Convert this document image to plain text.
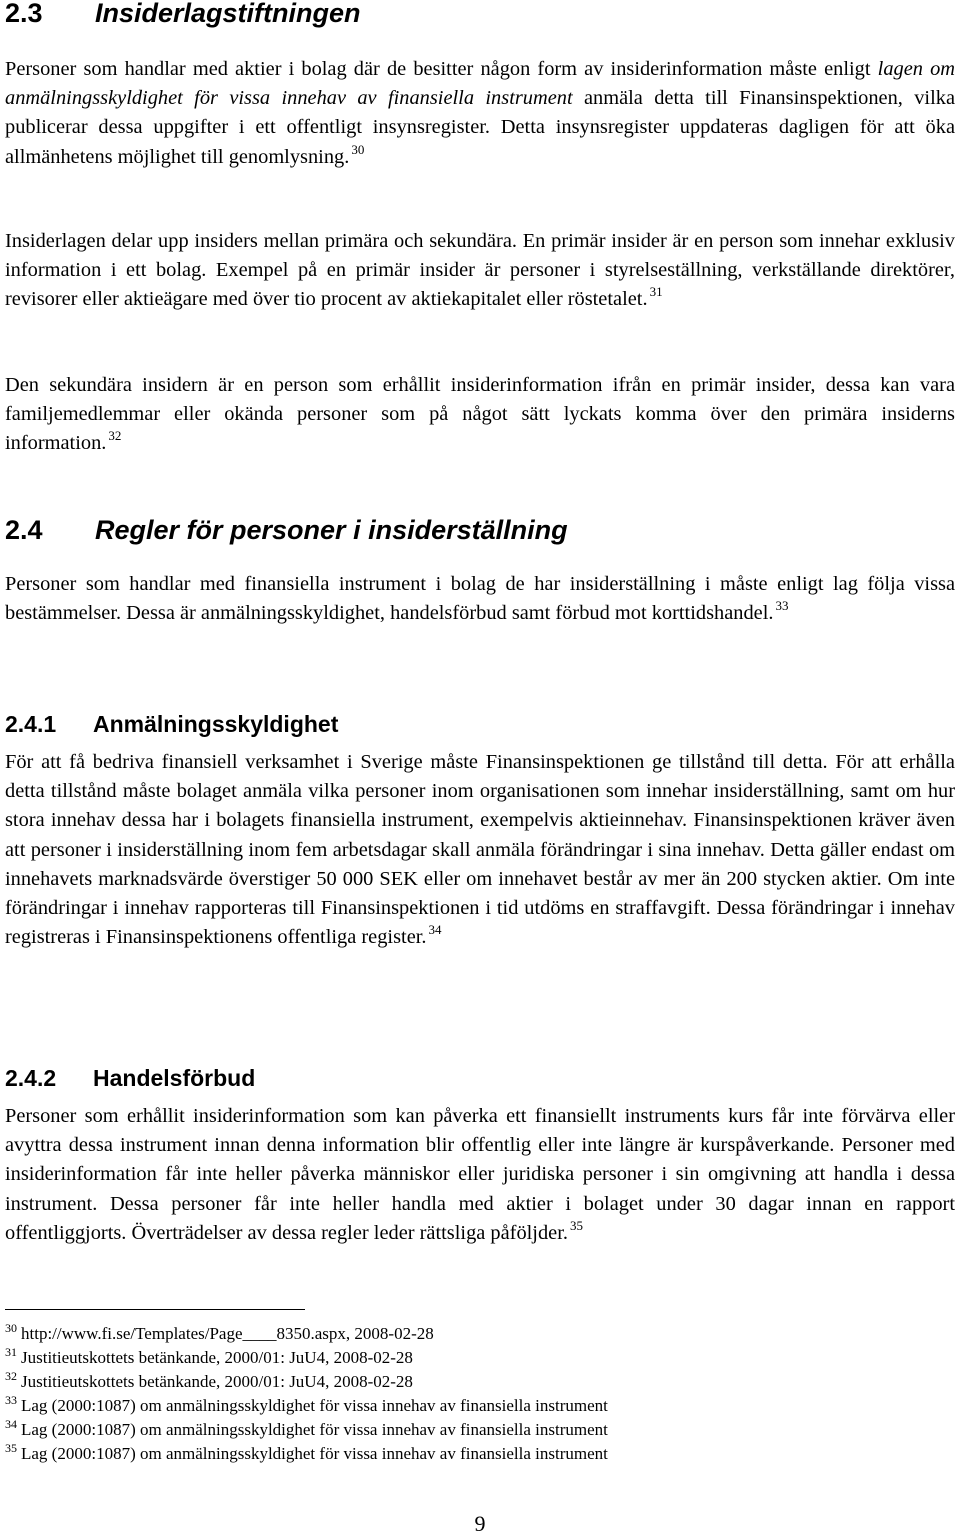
2.3 Insiderlagstiftningen

Personer som handlar med aktier i bolag där de besitter någon form av insiderinformation måste enligt lagen om anmälningsskyldighet för vissa innehav av finansiella instrument anmäla detta till Finansinspektionen, vilka publicerar dessa uppgifter i ett offentligt insynsregister. Detta insynsregister uppdateras dagligen för att öka allmänhetens möjlighet till genomlysning. $^{30}$

Insiderlagen delar upp insiders mellan primära och sekundära. En primär insider är en person som innehar exklusiv information i ett bolag. Exempel på en primär insider är personer i styrelseställning, verkställande direktörer, revisorer eller aktieägare med över tio procent av aktiekapitalet eller röstetalet. $^{31}$

Den sekundära insidern är en person som erhållit insiderinformation ifrån en primär insider, dessa kan vara familjemedlemmar eller okända personer som på något sätt lyckats komma över den primära insiderns information. $^{32}$

2.4 Regler för personer i insiderställning

Personer som handlar med finansiella instrument i bolag de har insiderställning i måste enligt lag följa vissa bestämmelser. Dessa är anmälningsskyldighet, handelsförbud samt förbud mot korttidshandel. $^{33}$

2.4.1 Anmälningsskyldighet

För att få bedriva finansiell verksamhet i Sverige måste Finansinspektionen ge tillstånd till detta. För att erhålla detta tillstånd måste bolaget anmäla vilka personer inom organisationen som innehar insiderställning, samt om hur stora innehav dessa har i bolagets finansiella instrument, exempelvis aktieinnehav. Finansinspektionen kräver även att personer i insiderställning inom fem arbetsdagar skall anmäla förändringar i sina innehav. Detta gäller endast om innehavets marknadsvärde överstiger 50 000 SEK eller om innehavet består av mer än 200 stycken aktier. Om inte förändringar i innehav rapporteras till Finansinspektionen i tid utdöms en straffavgift. Dessa förändringar i innehav registreras i Finansinspektionens offentliga register. $^{34}$

2.4.2 Handelsförbud

Personer som erhållit insiderinformation som kan påverka ett finansiellt instruments kurs får inte förvärva eller avyttra dessa instrument innan denna information blir offentlig eller inte längre är kurspåverkande. Personer med insiderinformation får inte heller påverka människor eller juridiska personer i sin omgivning att handla i dessa instrument. Dessa personer får inte heller handla med aktier i bolaget under 30 dagar innan en rapport offentliggjorts. Överträdelser av dessa regler leder rättsliga påföljder. $^{35}$

$^{30}$ http://www.fi.se/Templates/Page____8350.aspx, 2008-02-28
$^{31}$ Justitieutskottets betänkande, 2000/01: JuU4, 2008-02-28
$^{32}$ Justitieutskottets betänkande, 2000/01: JuU4, 2008-02-28
$^{33}$ Lag (2000:1087) om anmälningsskyldighet för vissa innehav av finansiella instrument
$^{34}$ Lag (2000:1087) om anmälningsskyldighet för vissa innehav av finansiella instrument
$^{35}$ Lag (2000:1087) om anmälningsskyldighet för vissa innehav av finansiella instrument
9
